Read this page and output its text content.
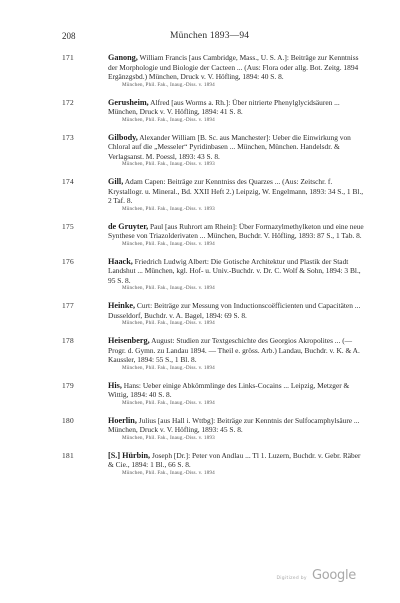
208	München 1893—94
171	Ganong, William Francis [aus Cambridge, Mass., U. S. A.]: Beiträge zur Kenntniss der Morphologie und Biologie der Cacteen ... (Aus: Flora oder allg. Bot. Zeitg. 1894 Ergänzgsbd.) München, Druck v. V. Höfling, 1894: 40 S. 8.

München, Phil. Fak., Inaug.-Diss. v. 1894

172	Gerusheim, Alfred [aus Worms a. Rh.]: Über nitrierte Phenylglycidsäuren ... München, Druck v. V. Höfling, 1894: 41 S. 8.

München, Phil. Fak., Inaug.-Diss. v. 1894

173	Gilbody, Alexander William [B. Sc. aus Manchester]: Ueber die Einwirkung von Chloral auf die „Messeler“ Pyridinbasen ... München, München. Handelsdr. & Verlagsanst. M. Poessl, 1893: 43 S. 8.

München, Phil. Fak., Inaug.-Diss. v. 1893

174	Gill, Adam Capen: Beiträge zur Kenntniss des Quarzes ... (Aus: Zeitschr. f. Krystallogr. u. Mineral., Bd. XXII Heft 2.) Leipzig, W. Engelmann, 1893: 34 S., 1 Bl., 2 Taf. 8.

München, Phil. Fak., Inaug.-Diss. v. 1893

175	de Gruyter, Paul [aus Ruhrort am Rhein]: Über Formazylmethylketon und eine neue Synthese von Triazolderivaten ... München, Buchdr. V. Höfling, 1893: 87 S., 1 Tab. 8.

München, Phil. Fak., Inaug.-Diss. v. 1894

176	Haack, Friedrich Ludwig Albert: Die Gotische Architektur und Plastik der Stadt Landshut ... München, kgl. Hof- u. Univ.-Buchdr. v. Dr. C. Wolf & Sohn, 1894: 3 Bl., 95 S. 8.

München, Phil. Fak., Inaug.-Diss. v. 1894

177	Heinke, Curt: Beiträge zur Messung von Inductionscoëfficienten und Capacitäten ... Dusseldorf, Buchdr. v. A. Bagel, 1894: 69 S. 8.

München, Phil. Fak., Inaug.-Diss. v. 1894

178	Heisenberg, August: Studien zur Textgeschichte des Georgios Akropolites ... (— Progr. d. Gymn. zu Landau 1894. — Theil e. gröss. Arb.) Landau, Buchdr. v. K. & A. Kaussler, 1894: 55 S., 1 Bl. 8.

München, Phil. Fak., Inaug.-Diss. v. 1894

179	His, Hans: Ueber einige Abkömmlinge des Links-Cocains ... Leipzig, Metzger & Wittig, 1894: 40 S. 8.

München, Phil. Fak., Inaug.-Diss. v. 1894

180	Hoerlin, Julius [aus Hall i. Wttbg]: Beiträge zur Kenntnis der Sulfocamphylsäure ... München, Druck v. V. Höfling, 1893: 45 S. 8.

München, Phil. Fak., Inaug.-Diss. v. 1893

181	[S.] Hürbin, Joseph [Dr.]: Peter von Andlau ... Tl 1. Luzern, Buchdr. v. Gebr. Räber & Cie., 1894: 1 Bl., 66 S. 8.

München, Phil. Fak., Inaug.-Diss. v. 1894

Digitized by Google
